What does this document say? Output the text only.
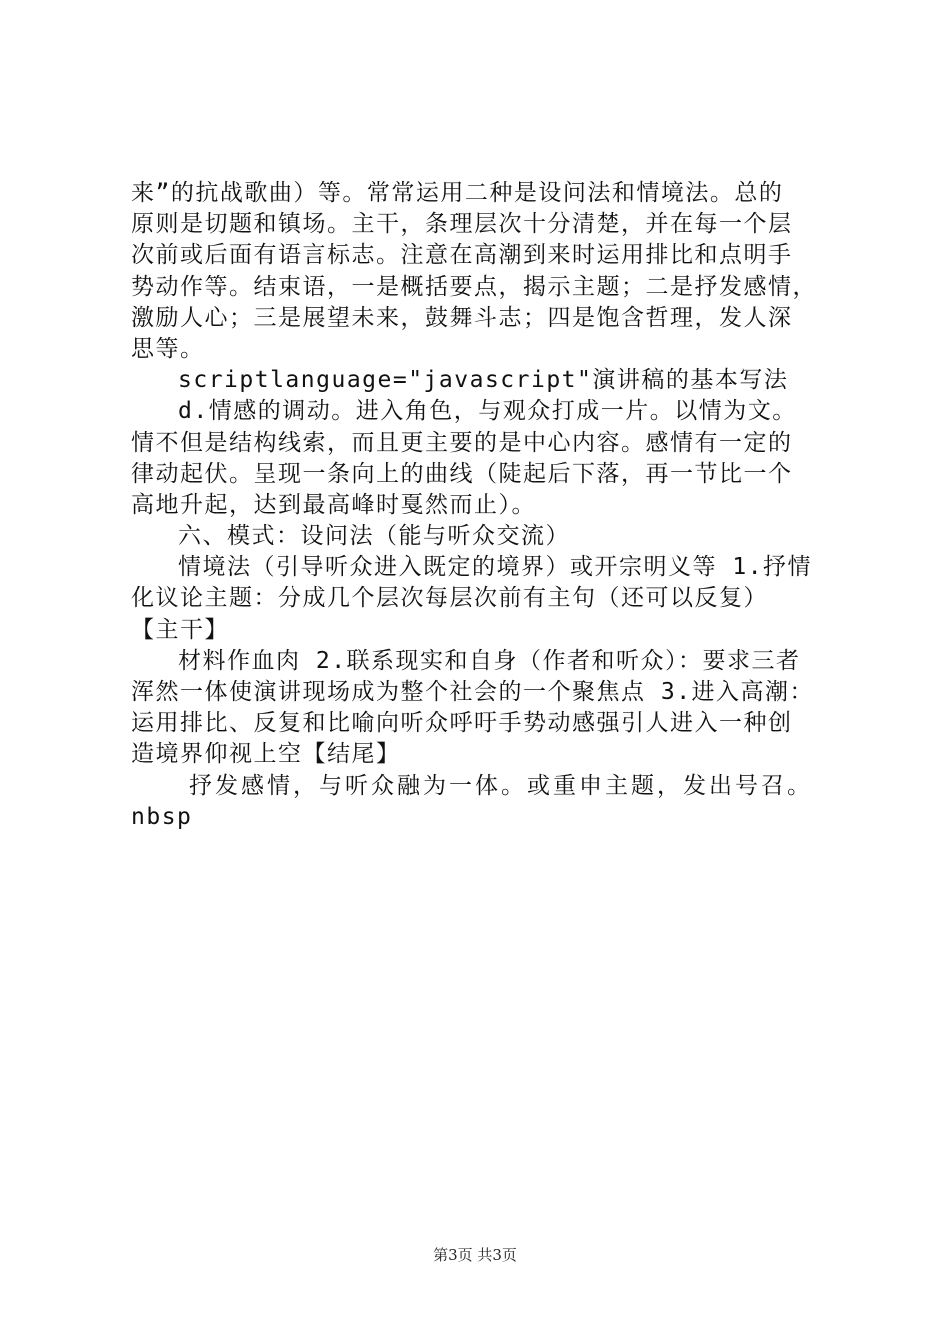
来”的抗战歌曲）等。常常运用二种是设问法和情境法。总的
原则是切题和镇场。主干，条理层次十分清楚，并在每一个层
次前或后面有语言标志。注意在高潮到来时运用排比和点明手
势动作等。结束语，一是概括要点，揭示主题；二是抒发感情，
激励人心；三是展望未来，鼓舞斗志；四是饱含哲理，发人深
思等。
scriptlanguage="javascript"演讲稿的基本写法
d.情感的调动。进入角色，与观众打成一片。以情为文。
情不但是结构线索，而且更主要的是中心内容。感情有一定的
律动起伏。呈现一条向上的曲线（陡起后下落，再一节比一个
高地升起，达到最高峰时戛然而止）。
六、模式：设问法（能与听众交流）
情境法（引导听众进入既定的境界）或开宗明义等 1.抒情
化议论主题：分成几个层次每层次前有主句（还可以反复）
【主干】
材料作血肉 2.联系现实和自身（作者和听众）：要求三者
浑然一体使演讲现场成为整个社会的一个聚焦点 3.进入高潮：
运用排比、反复和比喻向听众呼吁手势动感强引人进入一种创
造境界仰视上空【结尾】
抒发感情，与听众融为一体。或重申主题，发出号召。
nbsp
第3页 共3页
